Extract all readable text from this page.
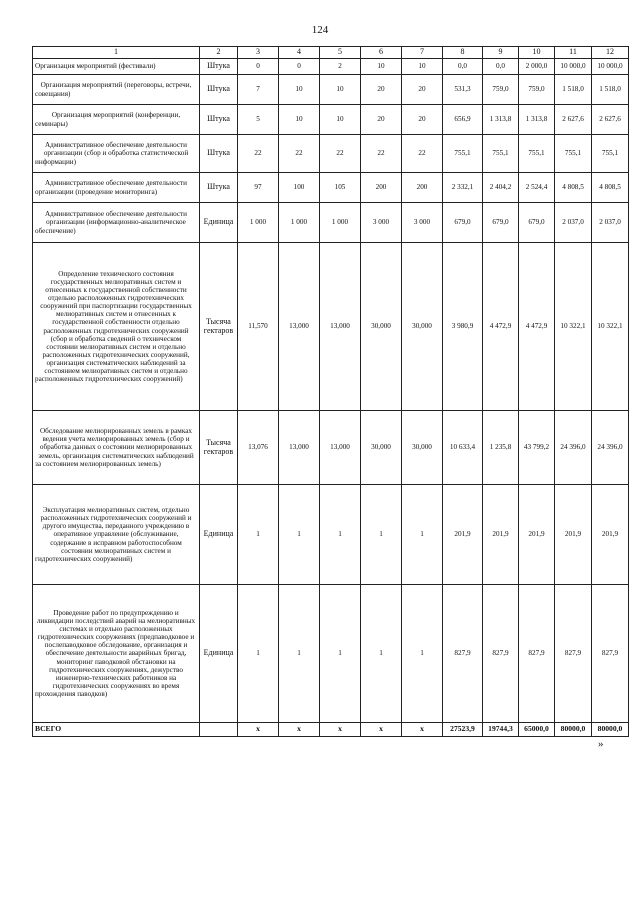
124
1	2	3	4	5	6	7	8	9	10	11	12
Организация мероприятий (фестивали)	Штука	0	0	2	10	10	0,0	0,0	2 000,0	10 000,0	10 000,0
Организация мероприятий (переговоры, встречи, совещания)	Штука	7	10	10	20	20	531,3	759,0	759,0	1 518,0	1 518,0
Организация мероприятий (конференции, семинары)	Штука	5	10	10	20	20	656,9	1 313,8	1 313,8	2 627,6	2 627,6
Административное обеспечение деятельности организации (сбор и обработка статистической информации)	Штука	22	22	22	22	22	755,1	755,1	755,1	755,1	755,1
Административное обеспечение деятельности организации (проведение мониторинга)	Штука	97	100	105	200	200	2 332,1	2 404,2	2 524,4	4 808,5	4 808,5
Административное обеспечение деятельности организации (информационно-аналитическое обеспечение)	Единица	1 000	1 000	1 000	3 000	3 000	679,0	679,0	679,0	2 037,0	2 037,0
Определение технического состояния государственных мелиоративных систем и отнесенных к государственной собственности отдельно расположенных гидротехнических сооружений при паспортизации государственных мелиоративных систем и отнесенных к государственной собственности отдельно расположенных гидротехнических сооружений (сбор и обработка сведений о техническом состоянии мелиоративных систем и отдельно расположенных гидротехнических сооружений, организация систематических наблюдений за состоянием мелиоративных систем и отдельно расположенных гидротехнических сооружений)	Тысяча гектаров	11,570	13,000	13,000	30,000	30,000	3 980,9	4 472,9	4 472,9	10 322,1	10 322,1
Обследование мелиорированных земель в рамках ведения учета мелиорированных земель (сбор и обработка данных о состоянии мелиорированных земель, организация систематических наблюдений за состоянием мелиорированных земель)	Тысяча гектаров	13,076	13,000	13,000	30,000	30,000	10 633,4	1 235,8	43 799,2	24 396,0	24 396,0
Эксплуатация мелиоративных систем, отдельно расположенных гидротехнических сооружений и другого имущества, переданного учреждению в оперативное управление (обслуживание, содержание в исправном работоспособном состоянии мелиоративных систем и гидротехнических сооружений)	Единица	1	1	1	1	1	201,9	201,9	201,9	201,9	201,9
Проведение работ по предупреждению и ликвидации последствий аварий на мелиоративных системах и отдельно расположенных гидротехнических сооружениях (предпаводковое и послепаводковое обследование, организация и обеспечение деятельности аварийных бригад, мониторинг паводковой обстановки на гидротехнических сооружениях, дежурство инженерно-технических работников на гидротехнических сооружениях во время прохождения паводков)	Единица	1	1	1	1	1	827,9	827,9	827,9	827,9	827,9
ВСЕГО		х	х	х	х	х	27523,9	19744,3	65000,0	80000,0	80000,0
»
